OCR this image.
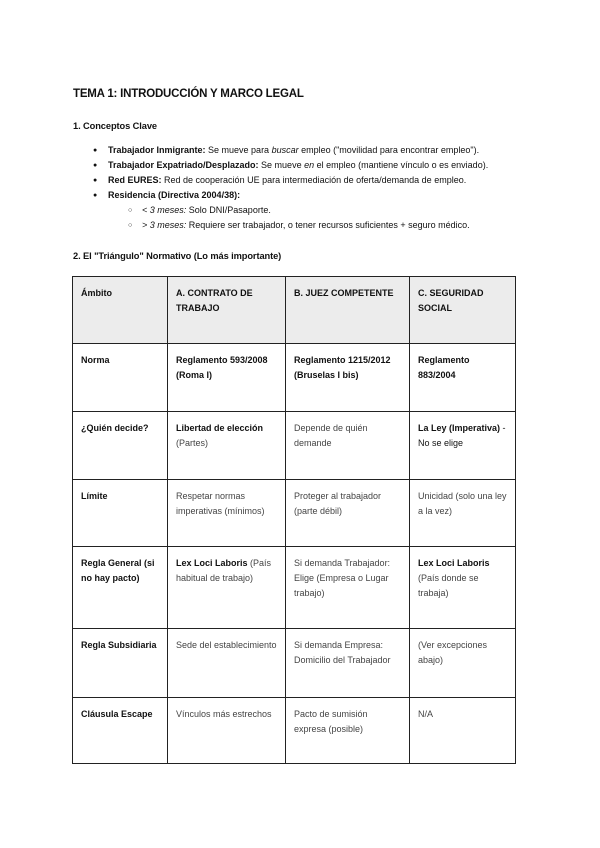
TEMA 1: INTRODUCCIÓN Y MARCO LEGAL
1. Conceptos Clave
● Trabajador Inmigrante: Se mueve para buscar empleo ("movilidad para encontrar empleo").
● Trabajador Expatriado/Desplazado: Se mueve en el empleo (mantiene vínculo o es enviado).
● Red EURES: Red de cooperación UE para intermediación de oferta/demanda de empleo.
● Residencia (Directiva 2004/38):
○ < 3 meses: Solo DNI/Pasaporte.
○ > 3 meses: Requiere ser trabajador, o tener recursos suficientes + seguro médico.
2. El "Triángulo" Normativo (Lo más importante)
Ámbito	A. CONTRATO DE TRABAJO	B. JUEZ COMPETENTE	C. SEGURIDAD SOCIAL
Norma	Reglamento 593/2008 (Roma I)	Reglamento 1215/2012 (Bruselas I bis)	Reglamento 883/2004
¿Quién decide?	Libertad de elección (Partes)	Depende de quién demande	La Ley (Imperativa) - No se elige
Límite	Respetar normas imperativas (mínimos)	Proteger al trabajador (parte débil)	Unicidad (solo una ley a la vez)
Regla General (si no hay pacto)	Lex Loci Laboris (País habitual de trabajo)	Si demanda Trabajador: Elige (Empresa o Lugar trabajo)	Lex Loci Laboris (País donde se trabaja)
Regla Subsidiaria	Sede del establecimiento	Si demanda Empresa: Domicilio del Trabajador	(Ver excepciones abajo)
Cláusula Escape	Vínculos más estrechos	Pacto de sumisión expresa (posible)	N/A
